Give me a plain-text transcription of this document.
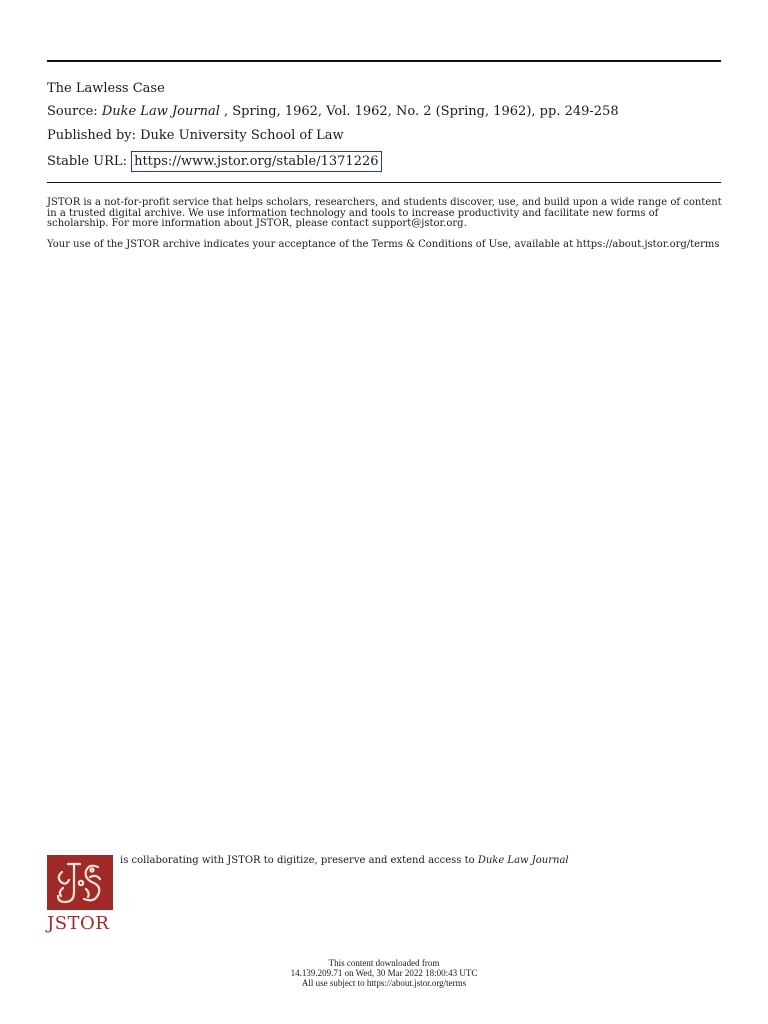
The Lawless Case
Source: Duke Law Journal , Spring, 1962, Vol. 1962, No. 2 (Spring, 1962), pp. 249-258
Published by: Duke University School of Law
Stable URL: https://www.jstor.org/stable/1371226

JSTOR is a not-for-profit service that helps scholars, researchers, and students discover, use, and build upon a wide range of content in a trusted digital archive. We use information technology and tools to increase productivity and facilitate new forms of scholarship. For more information about JSTOR, please contact support@jstor.org.

Your use of the JSTOR archive indicates your acceptance of the Terms & Conditions of Use, available at https://about.jstor.org/terms

JSTOR
is collaborating with JSTOR to digitize, preserve and extend access to Duke Law Journal
This content downloaded from
14.139.209.71 on Wed, 30 Mar 2022 18:00:43 UTC
All use subject to https://about.jstor.org/terms
